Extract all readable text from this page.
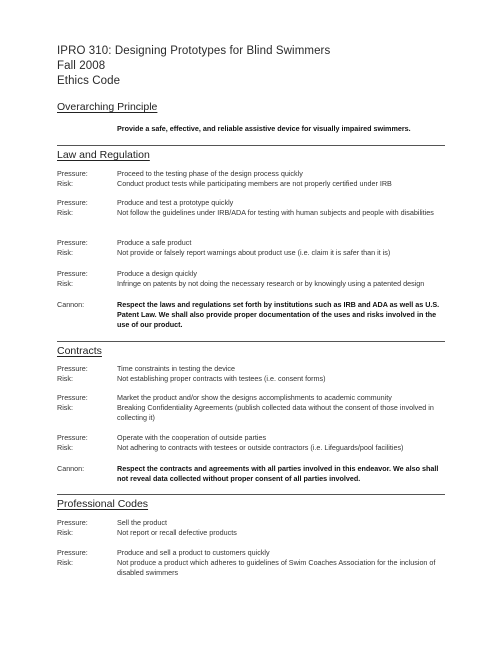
IPRO 310: Designing Prototypes for Blind Swimmers
Fall 2008
Ethics Code
Overarching Principle
Provide a safe, effective, and reliable assistive device for visually impaired swimmers.
Law and Regulation
Pressure:	Proceed to the testing phase of the design process quickly
Risk:	Conduct product tests while participating members are not properly certified under IRB
Pressure:	Produce and test a prototype quickly
Risk:	Not follow the guidelines under IRB/ADA for testing with human subjects and people with disabilities
Pressure:	Produce a safe product
Risk:	Not provide or falsely report warnings about product use (i.e. claim it is safer than it is)
Pressure:	Produce a design quickly
Risk:	Infringe on patents by not doing the necessary research or by knowingly using a patented design
Cannon:	Respect the laws and regulations set forth by institutions such as IRB and ADA as well as U.S. Patent Law. We shall also provide proper documentation of the uses and risks involved in the use of our product.
Contracts
Pressure:	Time constraints in testing the device
Risk:	Not establishing proper contracts with testees (i.e. consent forms)
Pressure:	Market the product and/or show the designs accomplishments to academic community
Risk:	Breaking Confidentiality Agreements (publish collected data without the consent of those involved in collecting it)
Pressure:	Operate with the cooperation of outside parties
Risk:	Not adhering to contracts with testees or outside contractors (i.e. Lifeguards/pool facilities)
Cannon:	Respect the contracts and agreements with all parties involved in this endeavor. We also shall not reveal data collected without proper consent of all parties involved.
Professional Codes
Pressure:	Sell the product
Risk:	Not report or recall defective products
Pressure:	Produce and sell a product to customers quickly
Risk:	Not produce a product which adheres to guidelines of Swim Coaches Association for the inclusion of disabled swimmers
